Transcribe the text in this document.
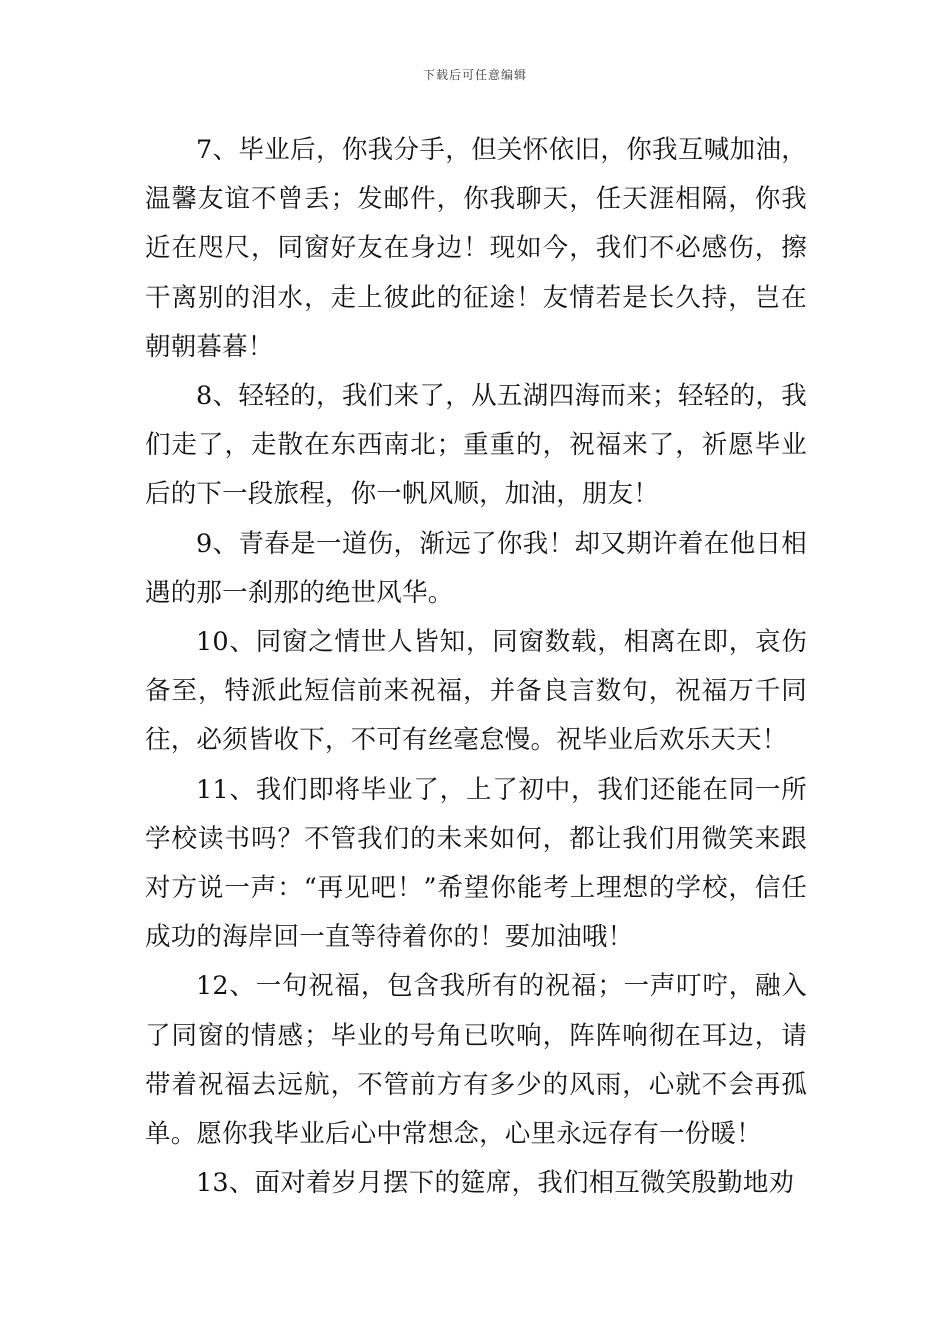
下载后可任意编辑

7、毕业后，你我分手，但关怀依旧，你我互喊加油，温馨友谊不曾丢；发邮件，你我聊天，任天涯相隔，你我近在咫尺，同窗好友在身边！现如今，我们不必感伤，擦干离别的泪水，走上彼此的征途！友情若是长久持，岂在朝朝暮暮！

8、轻轻的，我们来了，从五湖四海而来；轻轻的，我们走了，走散在东西南北；重重的，祝福来了，祈愿毕业后的下一段旅程，你一帆风顺，加油，朋友！

9、青春是一道伤，渐远了你我！却又期许着在他日相遇的那一刹那的绝世风华。

10、同窗之情世人皆知，同窗数载，相离在即，哀伤备至，特派此短信前来祝福，并备良言数句，祝福万千同往，必须皆收下，不可有丝毫怠慢。祝毕业后欢乐天天！

11、我们即将毕业了，上了初中，我们还能在同一所学校读书吗？不管我们的未来如何，都让我们用微笑来跟对方说一声：“再见吧！”希望你能考上理想的学校，信任成功的海岸回一直等待着你的！要加油哦！

12、一句祝福，包含我所有的祝福；一声叮咛，融入了同窗的情感；毕业的号角已吹响，阵阵响彻在耳边，请带着祝福去远航，不管前方有多少的风雨，心就不会再孤单。愿你我毕业后心中常想念，心里永远存有一份暖！

13、面对着岁月摆下的筵席，我们相互微笑殷勤地劝
